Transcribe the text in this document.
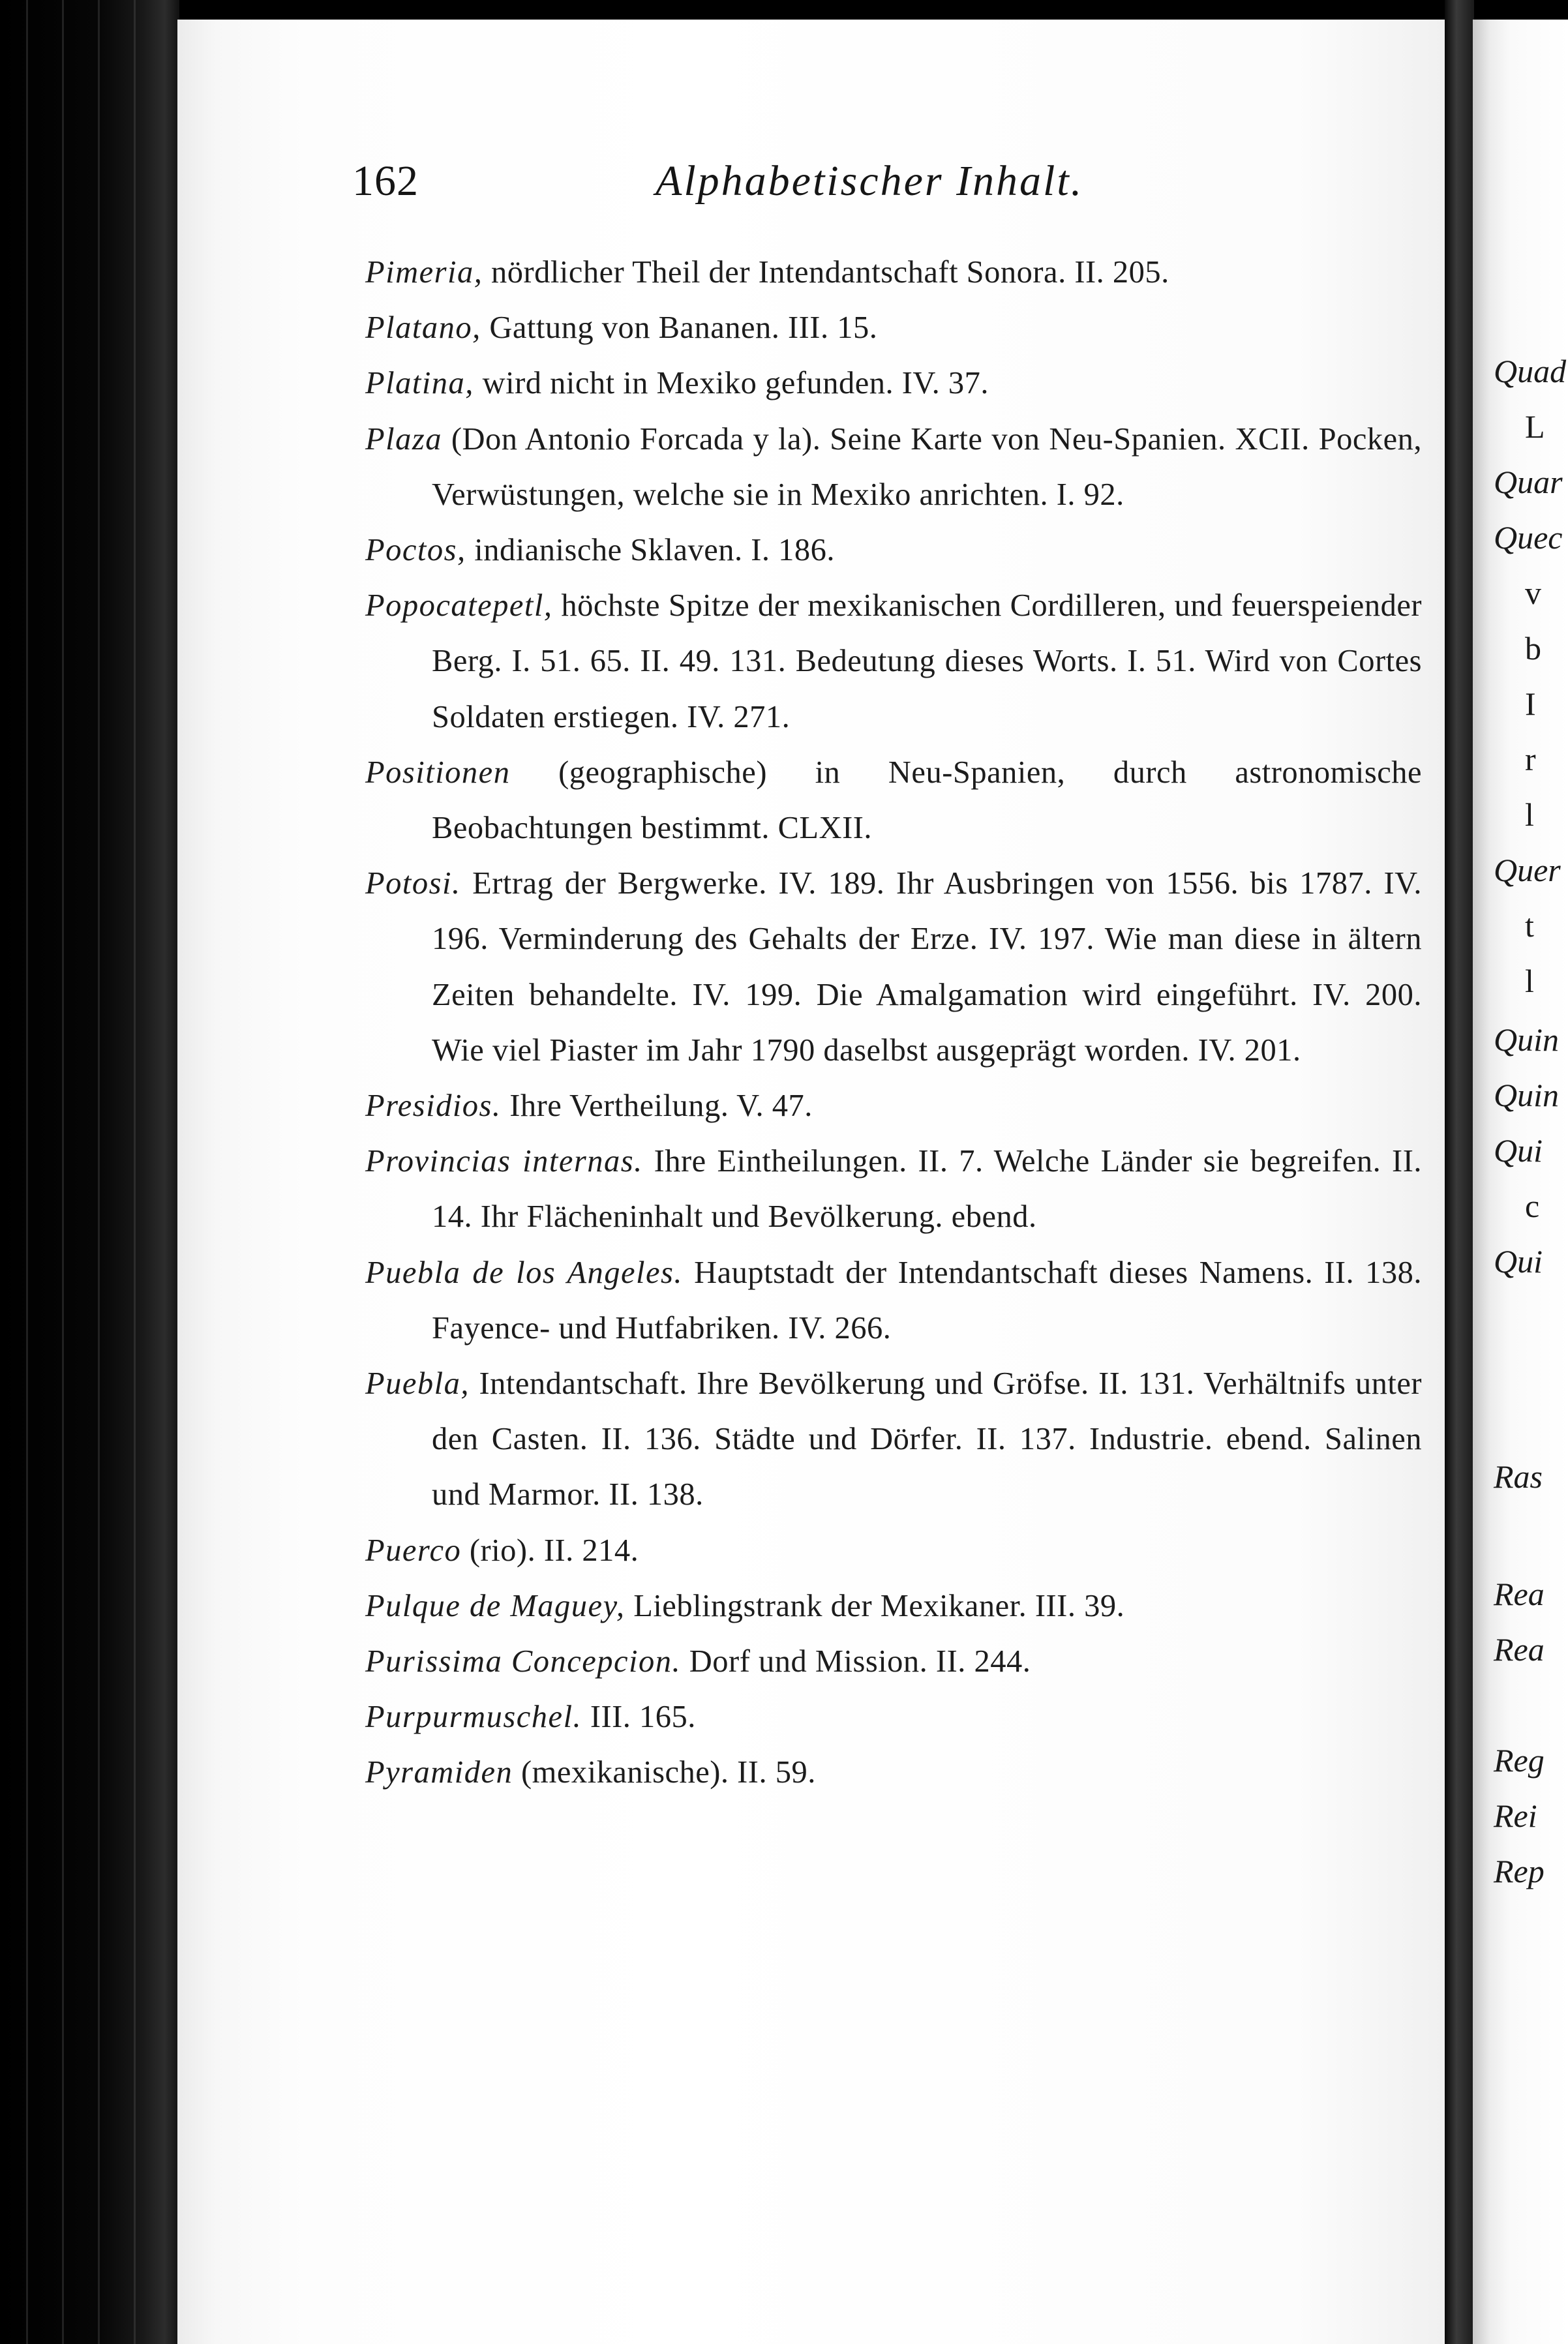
162	Alphabetischer Inhalt.
Pimeria, nördlicher Theil der Intendantschaft Sonora. II. 205.
Platano, Gattung von Bananen. III. 15.
Platina, wird nicht in Mexiko gefunden. IV. 37.
Plaza (Don Antonio Forcada y la). Seine Karte von Neu-Spanien. XCII. Pocken, Verwüstungen, welche sie in Mexiko anrichten. I. 92.
Poctos, indianische Sklaven. I. 186.
Popocatepetl, höchste Spitze der mexikanischen Cordilleren, und feuerspeiender Berg. I. 51. 65. II. 49. 131. Bedeutung dieses Worts. I. 51. Wird von Cortes Soldaten erstiegen. IV. 271.
Positionen (geographische) in Neu-Spanien, durch astronomische Beobachtungen bestimmt. CLXII.
Potosi. Ertrag der Bergwerke. IV. 189. Ihr Ausbringen von 1556. bis 1787. IV. 196. Verminderung des Gehalts der Erze. IV. 197. Wie man diese in ältern Zeiten behandelte. IV. 199. Die Amalgamation wird eingeführt. IV. 200. Wie viel Piaster im Jahr 1790 daselbst ausgeprägt worden. IV. 201.
Presidios. Ihre Vertheilung. V. 47.
Provincias internas. Ihre Eintheilungen. II. 7. Welche Länder sie begreifen. II. 14. Ihr Flächeninhalt und Bevölkerung. ebend.
Puebla de los Angeles. Hauptstadt der Intendantschaft dieses Namens. II. 138. Fayence- und Hutfabriken. IV. 266.
Puebla, Intendantschaft. Ihre Bevölkerung und Gröfse. II. 131. Verhältnifs unter den Casten. II. 136. Städte und Dörfer. II. 137. Industrie. ebend. Salinen und Marmor. II. 138.
Puerco (rio). II. 214.
Pulque de Maguey, Lieblingstrank der Mexikaner. III. 39.
Purissima Concepcion. Dorf und Mission. II. 244.
Purpurmuschel. III. 165.
Pyramiden (mexikanische). II. 59.
Quad
L
Quar
Quec
v
b
I
r
l
Quer
t
l
Quin
Quin
Qui
c
Qui
Ras
Rea
Rea
Reg
Rei
Rep
